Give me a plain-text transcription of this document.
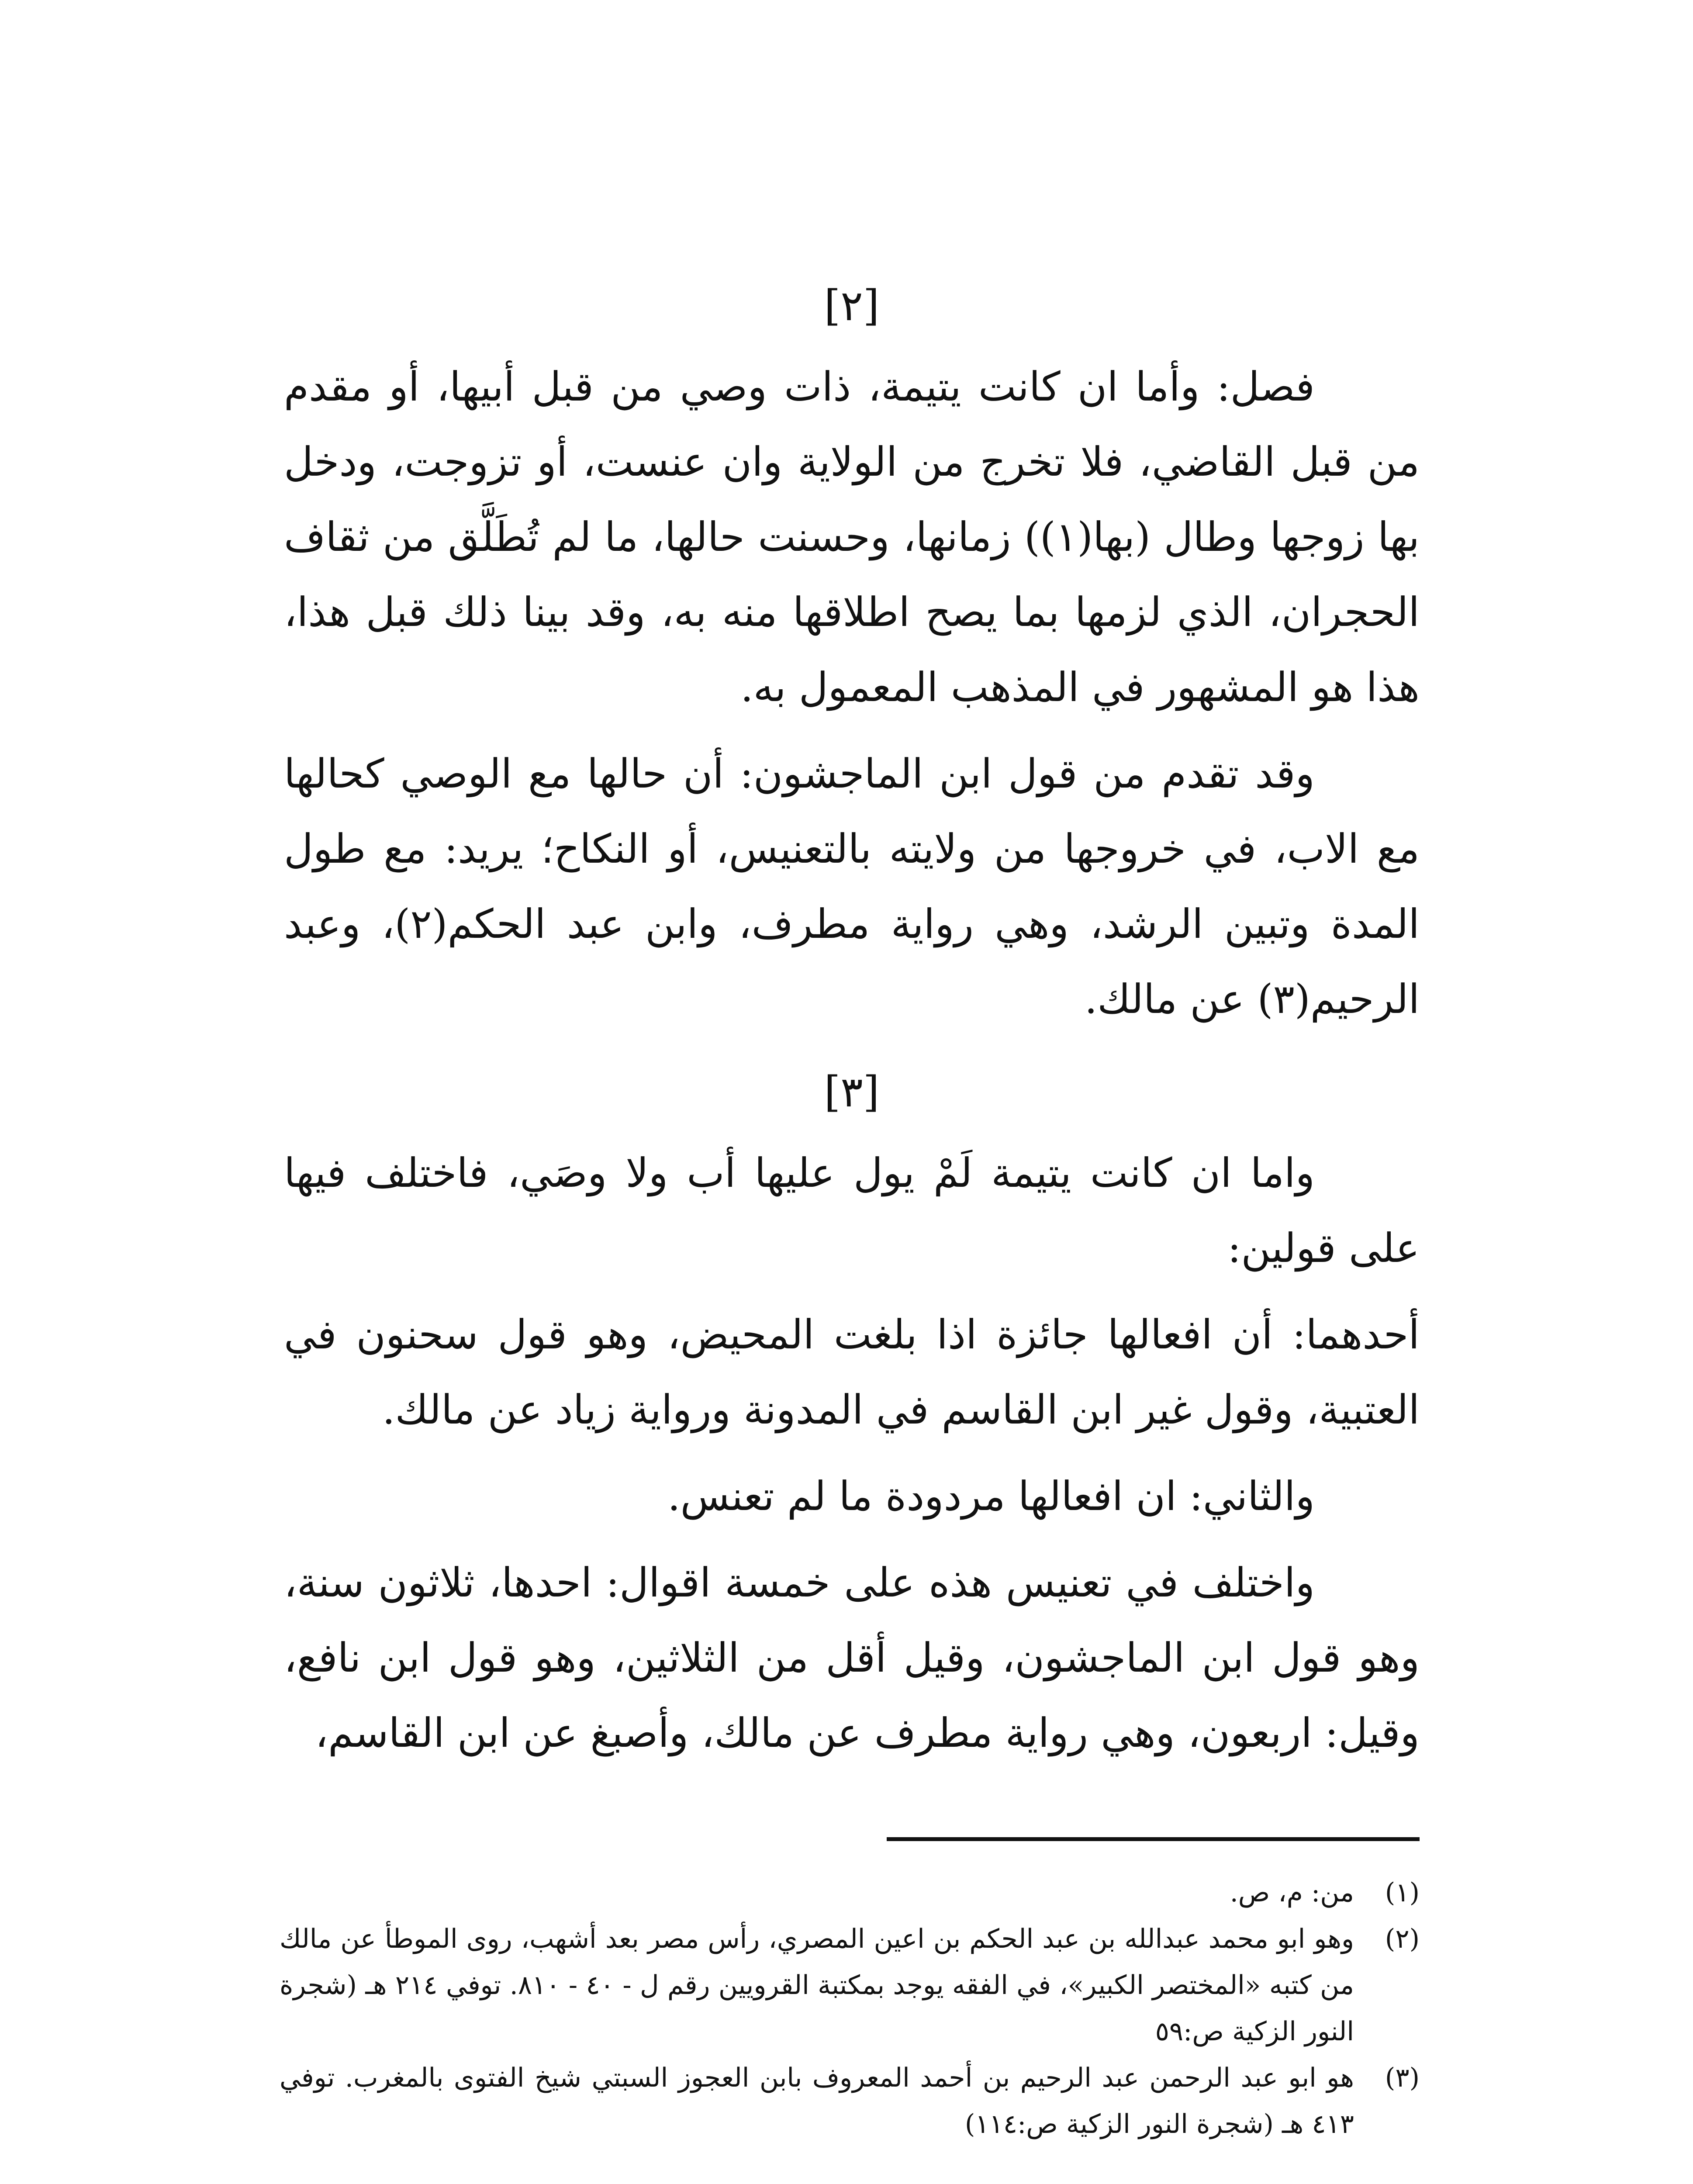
[٢]

فصل: وأما ان كانت يتيمة، ذات وصي من قبل أبيها، أو مقدم من قبل القاضي، فلا تخرج من الولاية وان عنست، أو تزوجت، ودخل بها زوجها وطال (بها(١)) زمانها، وحسنت حالها، ما لم تُطَلَّق من ثقاف الحجران، الذي لزمها بما يصح اطلاقها منه به، وقد بينا ذلك قبل هذا، هذا هو المشهور في المذهب المعمول به.

وقد تقدم من قول ابن الماجشون: أن حالها مع الوصي كحالها مع الاب، في خروجها من ولايته بالتعنيس، أو النكاح؛ يريد: مع طول المدة وتبين الرشد، وهي رواية مطرف، وابن عبد الحكم(٢)، وعبد الرحيم(٣) عن مالك.

[٣]

واما ان كانت يتيمة لَمْ يول عليها أب ولا وصَي، فاختلف فيها على قولين:

أحدهما: أن افعالها جائزة اذا بلغت المحيض، وهو قول سحنون في العتبية، وقول غير ابن القاسم في المدونة ورواية زياد عن مالك.

والثاني: ان افعالها مردودة ما لم تعنس.

واختلف في تعنيس هذه على خمسة اقوال: احدها، ثلاثون سنة، وهو قول ابن الماجشون، وقيل أقل من الثلاثين، وهو قول ابن نافع، وقيل: اربعون، وهي رواية مطرف عن مالك، وأصبغ عن ابن القاسم،

(١)
من: م، ص.
(٢)
وهو ابو محمد عبدالله بن عبد الحكم بن اعين المصري، رأس مصر بعد أشهب، روى الموطأ عن مالك من كتبه «المختصر الكبير»، في الفقه يوجد بمكتبة القرويين رقم ل - ٤٠ - ٨١٠. توفي ٢١٤ هـ (شجرة النور الزكية ص:٥٩
(٣)
هو ابو عبد الرحمن عبد الرحيم بن أحمد المعروف بابن العجوز السبتي شيخ الفتوى بالمغرب. توفي ٤١٣ هـ (شجرة النور الزكية ص:١١٤)
